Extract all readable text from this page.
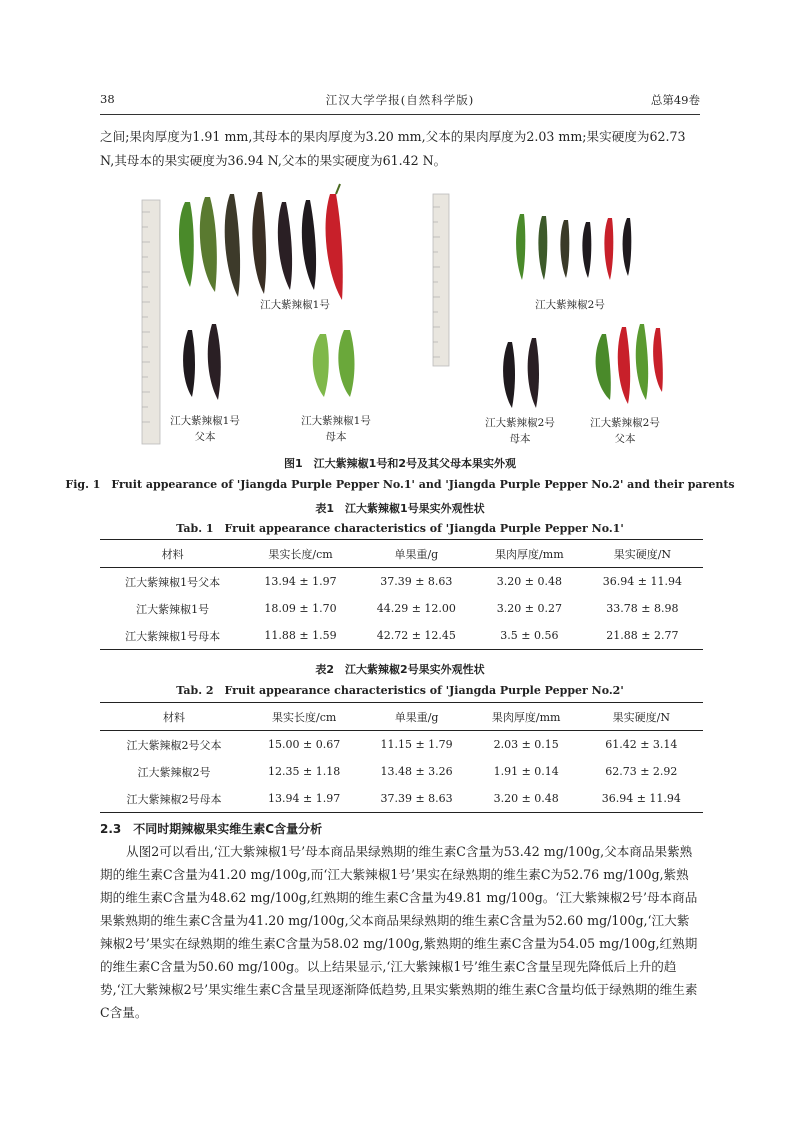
38	江汉大学学报(自然科学版)	总第49卷

之间;果肉厚度为1.91 mm,其母本的果肉厚度为3.20 mm,父本的果肉厚度为2.03 mm;果实硬度为62.73 N,其母本的果实硬度为36.94 N,父本的果实硬度为61.42 N。

江大紫辣椒1号	江大紫辣椒2号
江大紫辣椒1号
父本
江大紫辣椒1号
母本
江大紫辣椒2号
母本
江大紫辣椒2号
父本

图1　江大紫辣椒1号和2号及其父母本果实外观

Fig. 1　Fruit appearance of 'Jiangda Purple Pepper No.1' and 'Jiangda Purple Pepper No.2' and their parents

表1　江大紫辣椒1号果实外观性状

Tab. 1　Fruit appearance characteristics of 'Jiangda Purple Pepper No.1'

材料	果实长度/cm	单果重/g	果肉厚度/mm	果实硬度/N
江大紫辣椒1号父本	13.94 ± 1.97	37.39 ± 8.63	3.20 ± 0.48	36.94 ± 11.94
江大紫辣椒1号	18.09 ± 1.70	44.29 ± 12.00	3.20 ± 0.27	33.78 ± 8.98
江大紫辣椒1号母本	11.88 ± 1.59	42.72 ± 12.45	3.5 ± 0.56	21.88 ± 2.77

表2　江大紫辣椒2号果实外观性状

Tab. 2　Fruit appearance characteristics of 'Jiangda Purple Pepper No.2'

材料	果实长度/cm	单果重/g	果肉厚度/mm	果实硬度/N
江大紫辣椒2号父本	15.00 ± 0.67	11.15 ± 1.79	2.03 ± 0.15	61.42 ± 3.14
江大紫辣椒2号	12.35 ± 1.18	13.48 ± 3.26	1.91 ± 0.14	62.73 ± 2.92
江大紫辣椒2号母本	13.94 ± 1.97	37.39 ± 8.63	3.20 ± 0.48	36.94 ± 11.94

2.3　不同时期辣椒果实维生素C含量分析

从图2可以看出,‘江大紫辣椒1号’母本商品果绿熟期的维生素C含量为53.42 mg/100g,父本商品果紫熟期的维生素C含量为41.20 mg/100g,而‘江大紫辣椒1号’果实在绿熟期的维生素C为52.76 mg/100g,紫熟期的维生素C含量为48.62 mg/100g,红熟期的维生素C含量为49.81 mg/100g。‘江大紫辣椒2号’母本商品果紫熟期的维生素C含量为41.20 mg/100g,父本商品果绿熟期的维生素C含量为52.60 mg/100g,‘江大紫辣椒2号’果实在绿熟期的维生素C含量为58.02 mg/100g,紫熟期的维生素C含量为54.05 mg/100g,红熟期的维生素C含量为50.60 mg/100g。以上结果显示,‘江大紫辣椒1号’维生素C含量呈现先降低后上升的趋势,‘江大紫辣椒2号’果实维生素C含量呈现逐渐降低趋势,且果实紫熟期的维生素C含量均低于绿熟期的维生素C含量。
